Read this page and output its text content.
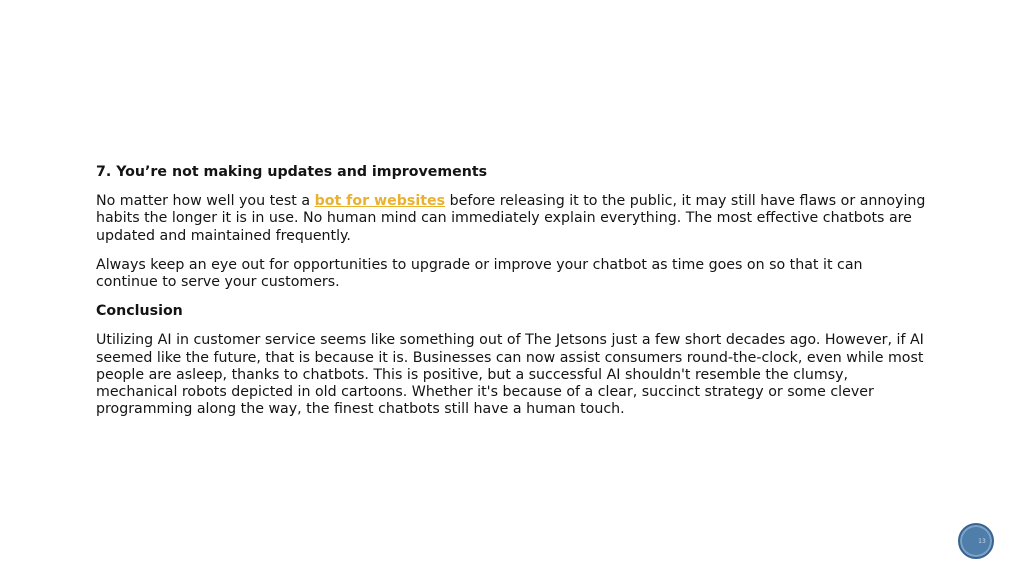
7. You’re not making updates and improvements

No matter how well you test a bot for websites before releasing it to the public, it may still have flaws or annoying habits the longer it is in use. No human mind can immediately explain everything. The most effective chatbots are updated and maintained frequently.

Always keep an eye out for opportunities to upgrade or improve your chatbot as time goes on so that it can continue to serve your customers.

Conclusion

Utilizing AI in customer service seems like something out of The Jetsons just a few short decades ago. However, if AI seemed like the future, that is because it is. Businesses can now assist consumers round-the-clock, even while most people are asleep, thanks to chatbots. This is positive, but a successful AI shouldn't resemble the clumsy, mechanical robots depicted in old cartoons. Whether it's because of a clear, succinct strategy or some clever programming along the way, the finest chatbots still have a human touch.

13
